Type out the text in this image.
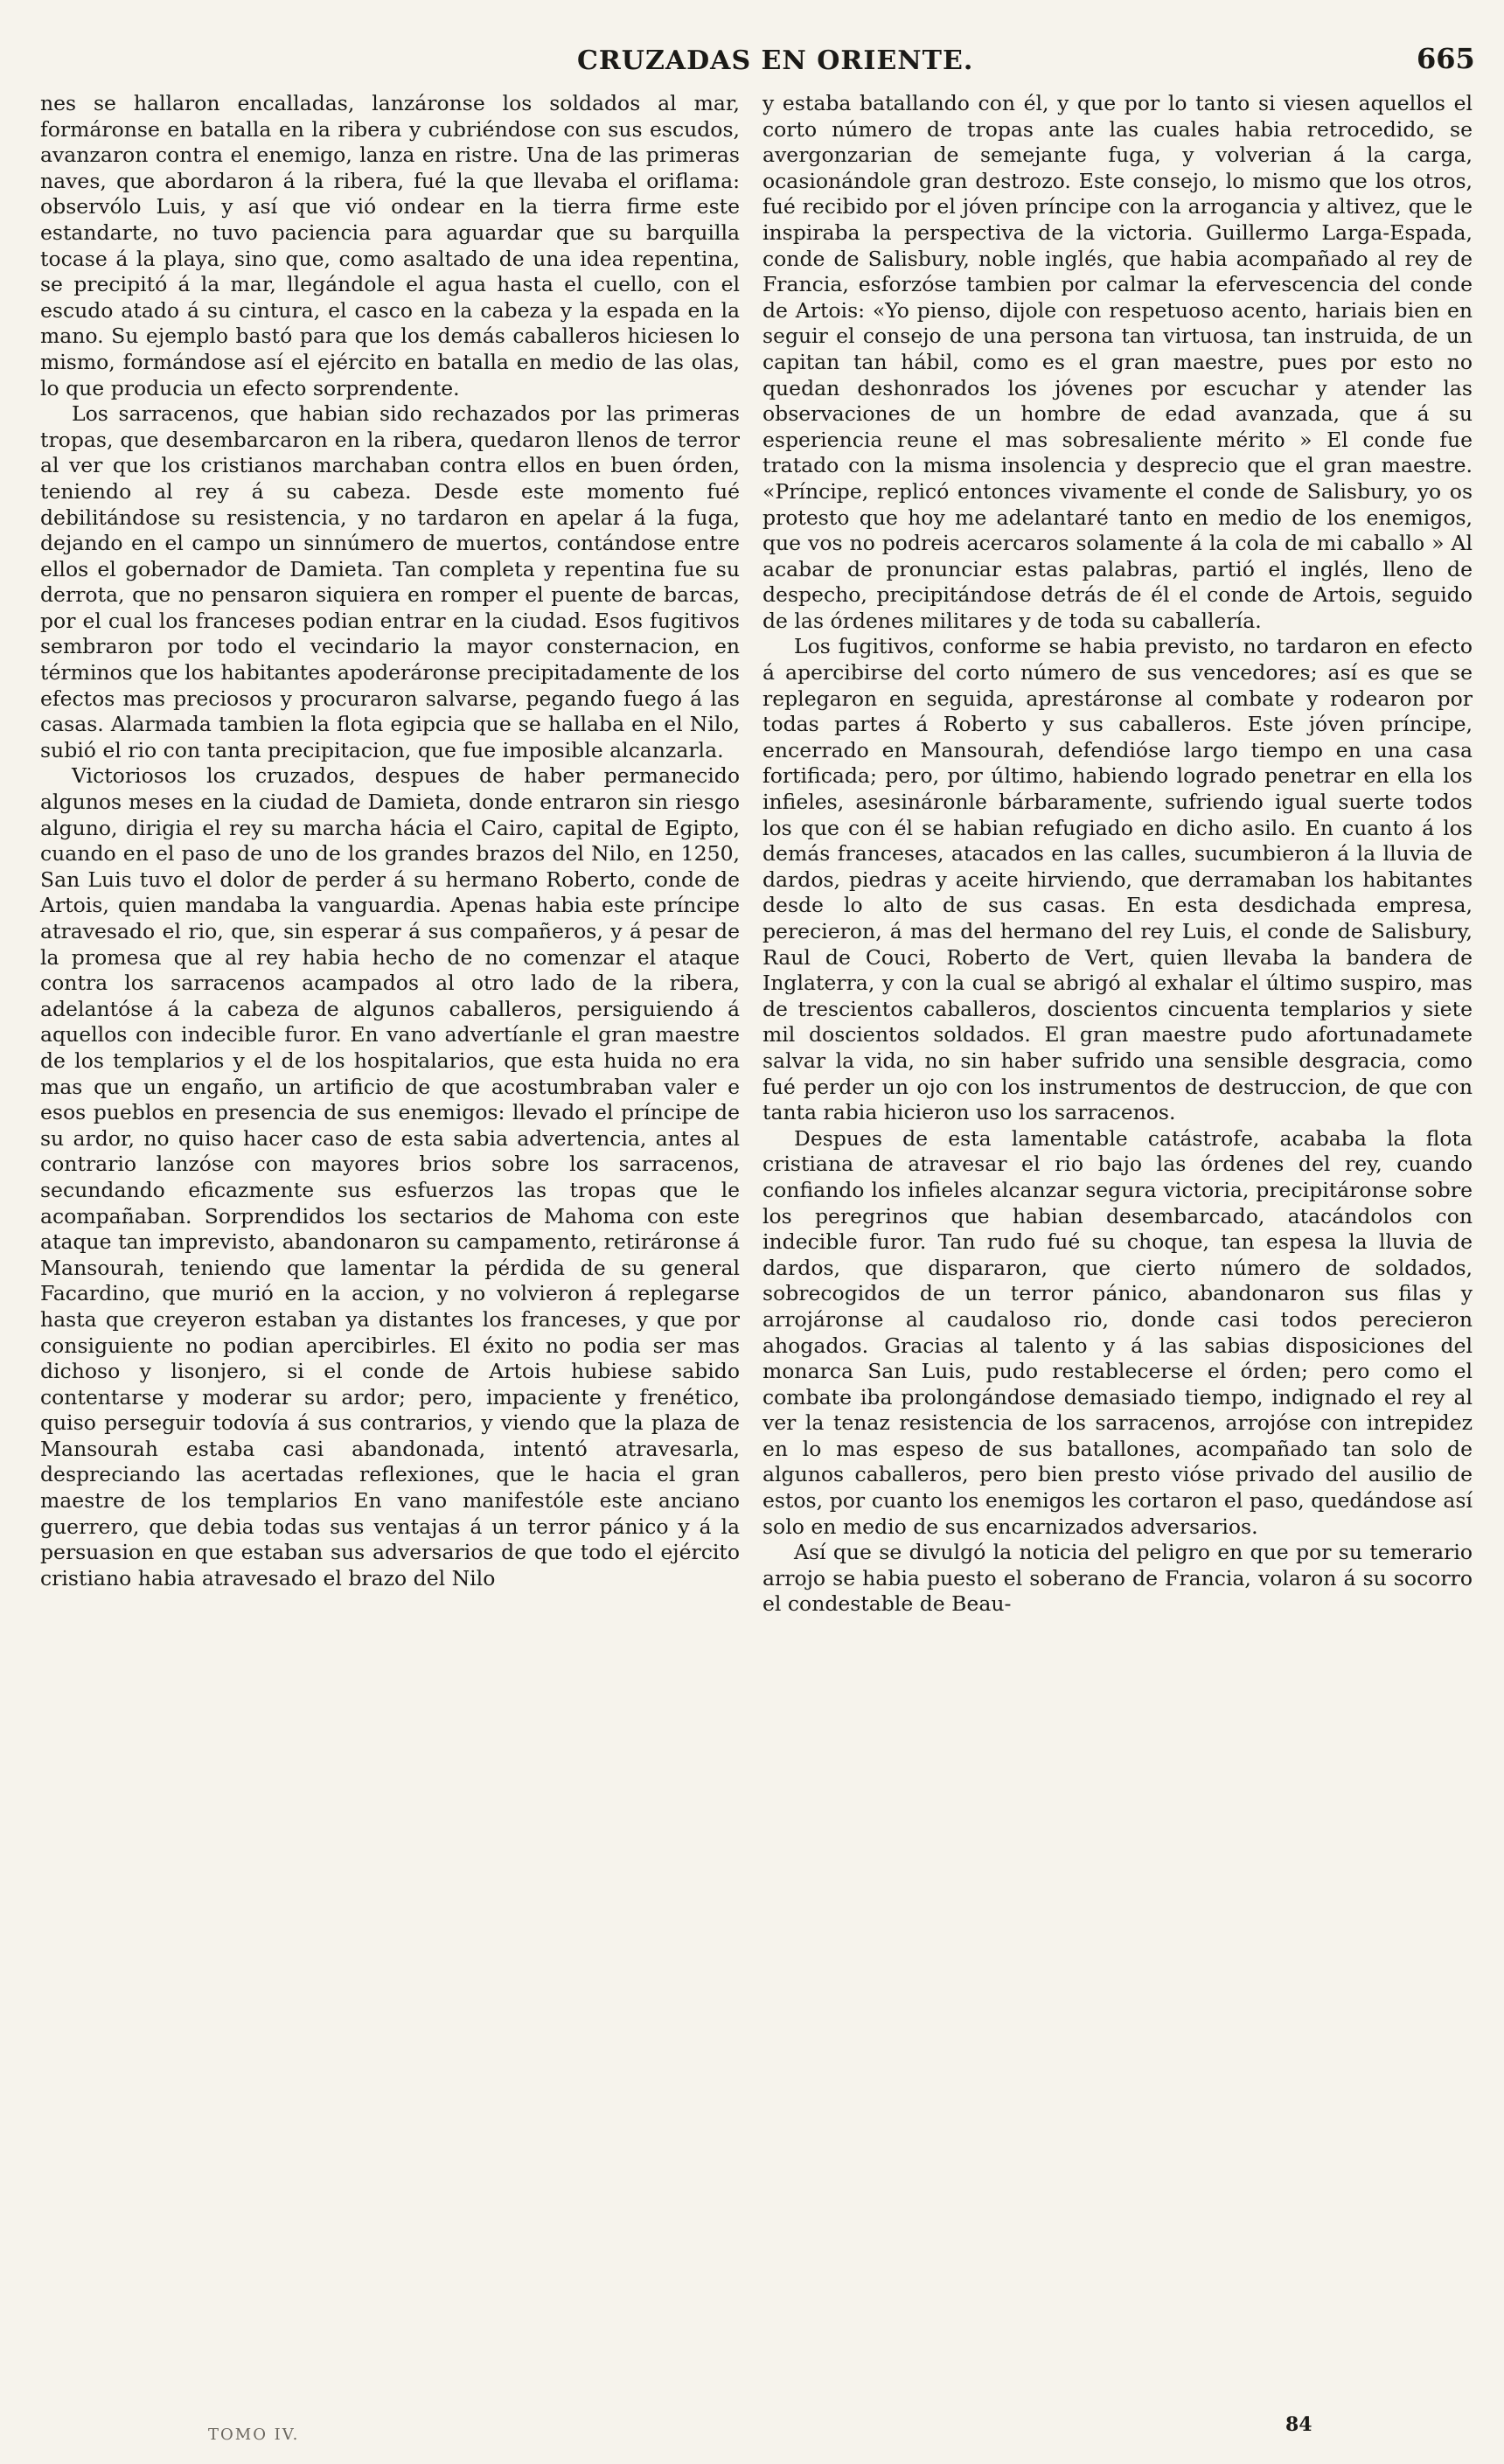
CRUZADAS EN ORIENTE.	665

nes se hallaron encalladas, lanzáronse los soldados al mar, formáronse en batalla en la ribera y cubriéndose con sus escudos, avanzaron contra el enemigo, lanza en ristre. Una de las primeras naves, que abordaron á la ribera, fué la que llevaba el oriflama: observólo Luis, y así que vió ondear en la tierra firme este estandarte, no tuvo paciencia para aguardar que su barquilla tocase á la playa, sino que, como asaltado de una idea repentina, se precipitó á la mar, llegándole el agua hasta el cuello, con el escudo atado á su cintura, el casco en la cabeza y la espada en la mano. Su ejemplo bastó para que los demás caballeros hiciesen lo mismo, formándose así el ejército en batalla en medio de las olas, lo que producia un efecto sorprendente.

Los sarracenos, que habian sido rechazados por las primeras tropas, que desembarcaron en la ribera, quedaron llenos de terror al ver que los cristianos marchaban contra ellos en buen órden, teniendo al rey á su cabeza. Desde este momento fué debilitándose su resistencia, y no tardaron en apelar á la fuga, dejando en el campo un sinnúmero de muertos, contándose entre ellos el gobernador de Damieta. Tan completa y repentina fue su derrota, que no pensaron siquiera en romper el puente de barcas, por el cual los franceses podian entrar en la ciudad. Esos fugitivos sembraron por todo el vecindario la mayor consternacion, en términos que los habitantes apoderáronse precipitadamente de los efectos mas preciosos y procuraron salvarse, pegando fuego á las casas. Alarmada tambien la flota egipcia que se hallaba en el Nilo, subió el rio con tanta precipitacion, que fue imposible alcanzarla.

Victoriosos los cruzados, despues de haber permanecido algunos meses en la ciudad de Damieta, donde entraron sin riesgo alguno, dirigia el rey su marcha hácia el Cairo, capital de Egipto, cuando en el paso de uno de los grandes brazos del Nilo, en 1250, San Luis tuvo el dolor de perder á su hermano Roberto, conde de Artois, quien mandaba la vanguardia. Apenas habia este príncipe atravesado el rio, que, sin esperar á sus compañeros, y á pesar de la promesa que al rey habia hecho de no comenzar el ataque contra los sarracenos acampados al otro lado de la ribera, adelantóse á la cabeza de algunos caballeros, persiguiendo á aquellos con indecible furor. En vano advertíanle el gran maestre de los templarios y el de los hospitalarios, que esta huida no era mas que un engaño, un artificio de que acostumbraban valer e esos pueblos en presencia de sus enemigos: llevado el príncipe de su ardor, no quiso hacer caso de esta sabia advertencia, antes al contrario lanzóse con mayores brios sobre los sarracenos, secundando eficazmente sus esfuerzos las tropas que le acompañaban. Sorprendidos los sectarios de Mahoma con este ataque tan imprevisto, abandonaron su campamento, retiráronse á Mansourah, teniendo que lamentar la pérdida de su general Facardino, que murió en la accion, y no volvieron á replegarse hasta que creyeron estaban ya distantes los franceses, y que por consiguiente no podian apercibirles. El éxito no podia ser mas dichoso y lisonjero, si el conde de Artois hubiese sabido contentarse y moderar su ardor; pero, impaciente y frenético, quiso perseguir todovía á sus contrarios, y viendo que la plaza de Mansourah estaba casi abandonada, intentó atravesarla, despreciando las acertadas reflexiones, que le hacia el gran maestre de los templarios En vano manifestóle este anciano guerrero, que debia todas sus ventajas á un terror pánico y á la persuasion en que estaban sus adversarios de que todo el ejército cristiano habia atravesado el brazo del Nilo

y estaba batallando con él, y que por lo tanto si viesen aquellos el corto número de tropas ante las cuales habia retrocedido, se avergonzarian de semejante fuga, y volverian á la carga, ocasionándole gran destrozo. Este consejo, lo mismo que los otros, fué recibido por el jóven príncipe con la arrogancia y altivez, que le inspiraba la perspectiva de la victoria. Guillermo Larga-Espada, conde de Salisbury, noble inglés, que habia acompañado al rey de Francia, esforzóse tambien por calmar la efervescencia del conde de Artois: «Yo pienso, dijole con respetuoso acento, hariais bien en seguir el consejo de una persona tan virtuosa, tan instruida, de un capitan tan hábil, como es el gran maestre, pues por esto no quedan deshonrados los jóvenes por escuchar y atender las observaciones de un hombre de edad avanzada, que á su esperiencia reune el mas sobresaliente mérito » El conde fue tratado con la misma insolencia y desprecio que el gran maestre. «Príncipe, replicó entonces vivamente el conde de Salisbury, yo os protesto que hoy me adelantaré tanto en medio de los enemigos, que vos no podreis acercaros solamente á la cola de mi caballo » Al acabar de pronunciar estas palabras, partió el inglés, lleno de despecho, precipitándose detrás de él el conde de Artois, seguido de las órdenes militares y de toda su caballería.

Los fugitivos, conforme se habia previsto, no tardaron en efecto á apercibirse del corto número de sus vencedores; así es que se replegaron en seguida, aprestáronse al combate y rodearon por todas partes á Roberto y sus caballeros. Este jóven príncipe, encerrado en Mansourah, defendióse largo tiempo en una casa fortificada; pero, por último, habiendo logrado penetrar en ella los infieles, asesináronle bárbaramente, sufriendo igual suerte todos los que con él se habian refugiado en dicho asilo. En cuanto á los demás franceses, atacados en las calles, sucumbieron á la lluvia de dardos, piedras y aceite hirviendo, que derramaban los habitantes desde lo alto de sus casas. En esta desdichada empresa, perecieron, á mas del hermano del rey Luis, el conde de Salisbury, Raul de Couci, Roberto de Vert, quien llevaba la bandera de Inglaterra, y con la cual se abrigó al exhalar el último suspiro, mas de trescientos caballeros, doscientos cincuenta templarios y siete mil doscientos soldados. El gran maestre pudo afortunadamete salvar la vida, no sin haber sufrido una sensible desgracia, como fué perder un ojo con los instrumentos de destruccion, de que con tanta rabia hicieron uso los sarracenos.

Despues de esta lamentable catástrofe, acababa la flota cristiana de atravesar el rio bajo las órdenes del rey, cuando confiando los infieles alcanzar segura victoria, precipitáronse sobre los peregrinos que habian desembarcado, atacándolos con indecible furor. Tan rudo fué su choque, tan espesa la lluvia de dardos, que dispararon, que cierto número de soldados, sobrecogidos de un terror pánico, abandonaron sus filas y arrojáronse al caudaloso rio, donde casi todos perecieron ahogados. Gracias al talento y á las sabias disposiciones del monarca San Luis, pudo restablecerse el órden; pero como el combate iba prolongándose demasiado tiempo, indignado el rey al ver la tenaz resistencia de los sarracenos, arrojóse con intrepidez en lo mas espeso de sus batallones, acompañado tan solo de algunos caballeros, pero bien presto vióse privado del ausilio de estos, por cuanto los enemigos les cortaron el paso, quedándose así solo en medio de sus encarnizados adversarios.

Así que se divulgó la noticia del peligro en que por su temerario arrojo se habia puesto el soberano de Francia, volaron á su socorro el condestable de Beau-

TOMO IV.	84
